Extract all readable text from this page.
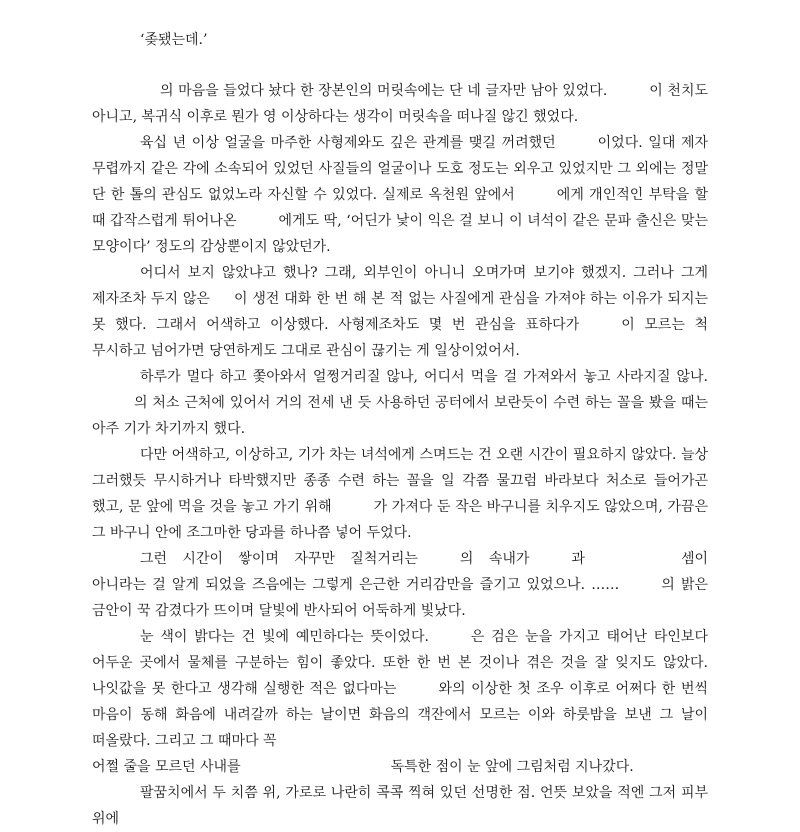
‘좆됐는데.’

의 마음을 들었다 놨다 한 장본인의 머릿속에는 단 네 글자만 남아 있었다.	이 천치도 아니고, 복귀식 이후로 뭔가 영 이상하다는 생각이 머릿속을 떠나질 않긴 했었다.

육십 년 이상 얼굴을 마주한 사형제와도 깊은 관계를 맺길 꺼려했던	이었다. 일대 제자 무렵까지 같은 각에 소속되어 있었던 사질들의 얼굴이나 도호 정도는 외우고 있었지만 그 외에는 정말 단 한 톨의 관심도 없었노라 자신할 수 있었다. 실제로 옥천원 앞에서	에게 개인적인 부탁을 할 때 갑작스럽게 튀어나온	에게도 딱, ‘어딘가 낯이 익은 걸 보니 이 녀석이 같은 문파 출신은 맞는 모양이다’ 정도의 감상뿐이지 않았던가.

어디서 보지 않았냐고 했나? 그래, 외부인이 아니니 오며가며 보기야 했겠지. 그러나 그게 제자조차 두지 않은 이 생전 대화 한 번 해 본 적 없는 사질에게 관심을 가져야 하는 이유가 되지는 못 했다. 그래서 어색하고 이상했다. 사형제조차도 몇 번 관심을 표하다가	이 모르는 척 무시하고 넘어가면 당연하게도 그대로 관심이 끊기는 게 일상이었어서.

하루가 멀다 하고 쫓아와서 얼쩡거리질 않나, 어디서 먹을 걸 가져와서 놓고 사라지질 않나.의 처소 근처에 있어서 거의 전세 낸 듯 사용하던 공터에서 보란듯이 수련 하는 꼴을 봤을 때는 아주 기가 차기까지 했다.

다만 어색하고, 이상하고, 기가 차는 녀석에게 스며드는 건 오랜 시간이 필요하지 않았다. 늘상 그러했듯 무시하거나 타박했지만 종종 수련 하는 꼴을 일 각쯤 물끄럼 바라보다 처소로 들어가곤 했고, 문 앞에 먹을 것을 놓고 가기 위해	가 가져다 둔 작은 바구니를 치우지도 않았으며, 가끔은 그 바구니 안에 조그마한 당과를 하나쯤 넣어 두었다.

그런 시간이 쌓이며 자꾸만 질척거리는	의 속내가	과	셈이 아니라는 걸 알게 되었을 즈음에는 그렇게 은근한 거리감만을 즐기고 있었으나. ……	의 밝은 금안이 꾹 감겼다가 뜨이며 달빛에 반사되어 어둑하게 빛났다.

눈 색이 밝다는 건 빛에 예민하다는 뜻이었다.	은 검은 눈을 가지고 태어난 타인보다 어두운 곳에서 물체를 구분하는 힘이 좋았다. 또한 한 번 본 것이나 겪은 것을 잘 잊지도 않았다. 나잇값을 못 한다고 생각해 실행한 적은 없다마는	와의 이상한 첫 조우 이후로 어쩌다 한 번씩 마음이 동해 화음에 내려갈까 하는 날이면 화음의 객잔에서 모르는 이와 하룻밤을 보낸 그 날이 떠올랐다. 그리고 그 때마다 꼭
어쩔 줄을 모르던 사내를	독특한 점이 눈 앞에 그림처럼 지나갔다.

팔꿈치에서 두 치쯤 위, 가로로 나란히 콕콕 찍혀 있던 선명한 점. 언뜻 보았을 적엔 그저 피부 위에
